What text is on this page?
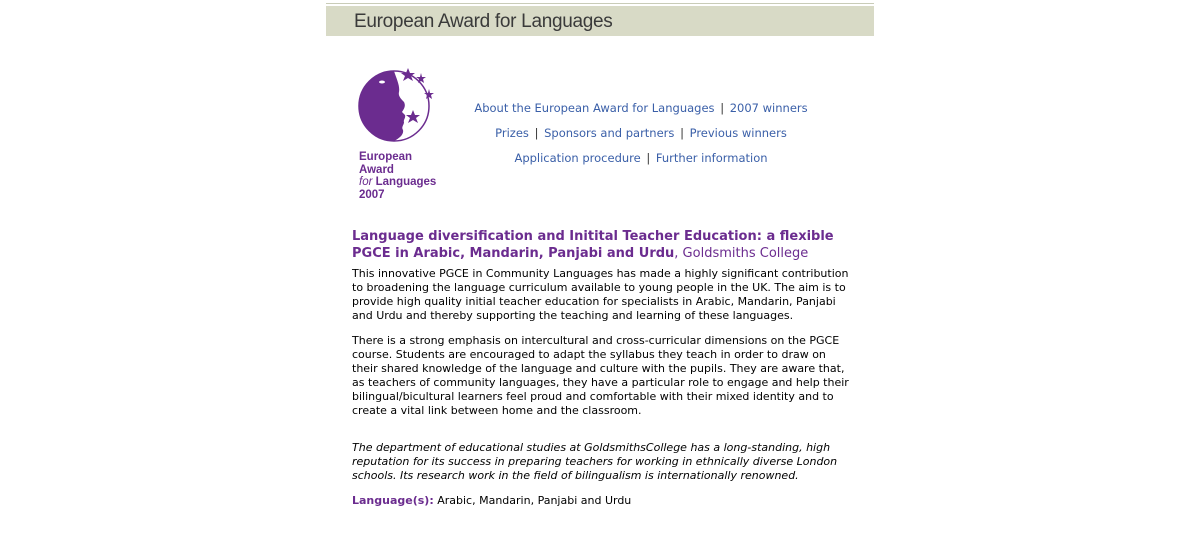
European Award for Languages
European
Award
for Languages
2007
About the European Award for Languages | 2007 winners
Prizes | Sponsors and partners | Previous winners
Application procedure | Further information
Language diversification and Initital Teacher Education: a flexible PGCE in Arabic, Mandarin, Panjabi and Urdu, Goldsmiths College

This innovative PGCE in Community Languages has made a highly significant contribution to broadening the language curriculum available to young people in the UK. The aim is to provide high quality initial teacher education for specialists in Arabic, Mandarin, Panjabi and Urdu and thereby supporting the teaching and learning of these languages.

There is a strong emphasis on intercultural and cross-curricular dimensions on the PGCE course. Students are encouraged to adapt the syllabus they teach in order to draw on their shared knowledge of the language and culture with the pupils. They are aware that, as teachers of community languages, they have a particular role to engage and help their bilingual/bicultural learners feel proud and comfortable with their mixed identity and to create a vital link between home and the classroom.

The department of educational studies at GoldsmithsCollege has a long-standing, high reputation for its success in preparing teachers for working in ethnically diverse London schools. Its research work in the field of bilingualism is internationally renowned.

Language(s): Arabic, Mandarin, Panjabi and Urdu
